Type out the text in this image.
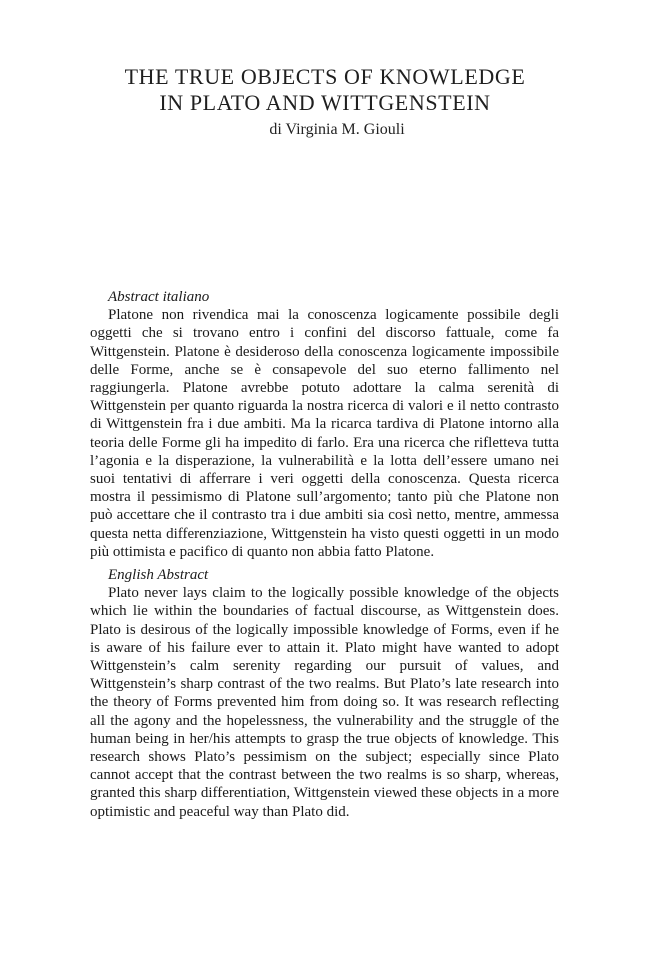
THE TRUE OBJECTS OF KNOWLEDGE
IN PLATO AND WITTGENSTEIN
di Virginia M. Giouli

Abstract italiano

Platone non rivendica mai la conoscenza logicamente possibile degli oggetti che si trovano entro i confini del discorso fattuale, come fa Wittgenstein. Platone è desideroso della conoscenza logicamente impossibile delle Forme, anche se è consapevole del suo eterno fallimento nel raggiungerla. Platone avrebbe potuto adottare la calma serenità di Wittgenstein per quanto riguarda la nostra ricerca di valori e il netto contrasto di Wittgenstein fra i due ambiti. Ma la ricarca tardiva di Platone intorno alla teoria delle Forme gli ha impedito di farlo. Era una ricerca che rifletteva tutta l’agonia e la disperazione, la vulnerabilità e la lotta dell’essere umano nei suoi tentativi di afferrare i veri oggetti della conoscenza. Questa ricerca mostra il pessimismo di Platone sull’argomento; tanto più che Platone non può accettare che il contrasto tra i due ambiti sia così netto, mentre, ammessa questa netta differenziazione, Wittgenstein ha visto questi oggetti in un modo più ottimista e pacifico di quanto non abbia fatto Platone.

English Abstract

Plato never lays claim to the logically possible knowledge of the objects which lie within the boundaries of factual discourse, as Wittgenstein does. Plato is desirous of the logically impossible knowledge of Forms, even if he is aware of his failure ever to attain it. Plato might have wanted to adopt Wittgenstein’s calm serenity regarding our pursuit of values, and Wittgenstein’s sharp contrast of the two realms. But Plato’s late research into the theory of Forms prevented him from doing so. It was research reflecting all the agony and the hopelessness, the vulnerability and the struggle of the human being in her/his attempts to grasp the true objects of knowledge. This research shows Plato’s pessimism on the subject; especially since Plato cannot accept that the contrast between the two realms is so sharp, whereas, granted this sharp differentiation, Wittgenstein viewed these objects in a more optimistic and peaceful way than Plato did.
